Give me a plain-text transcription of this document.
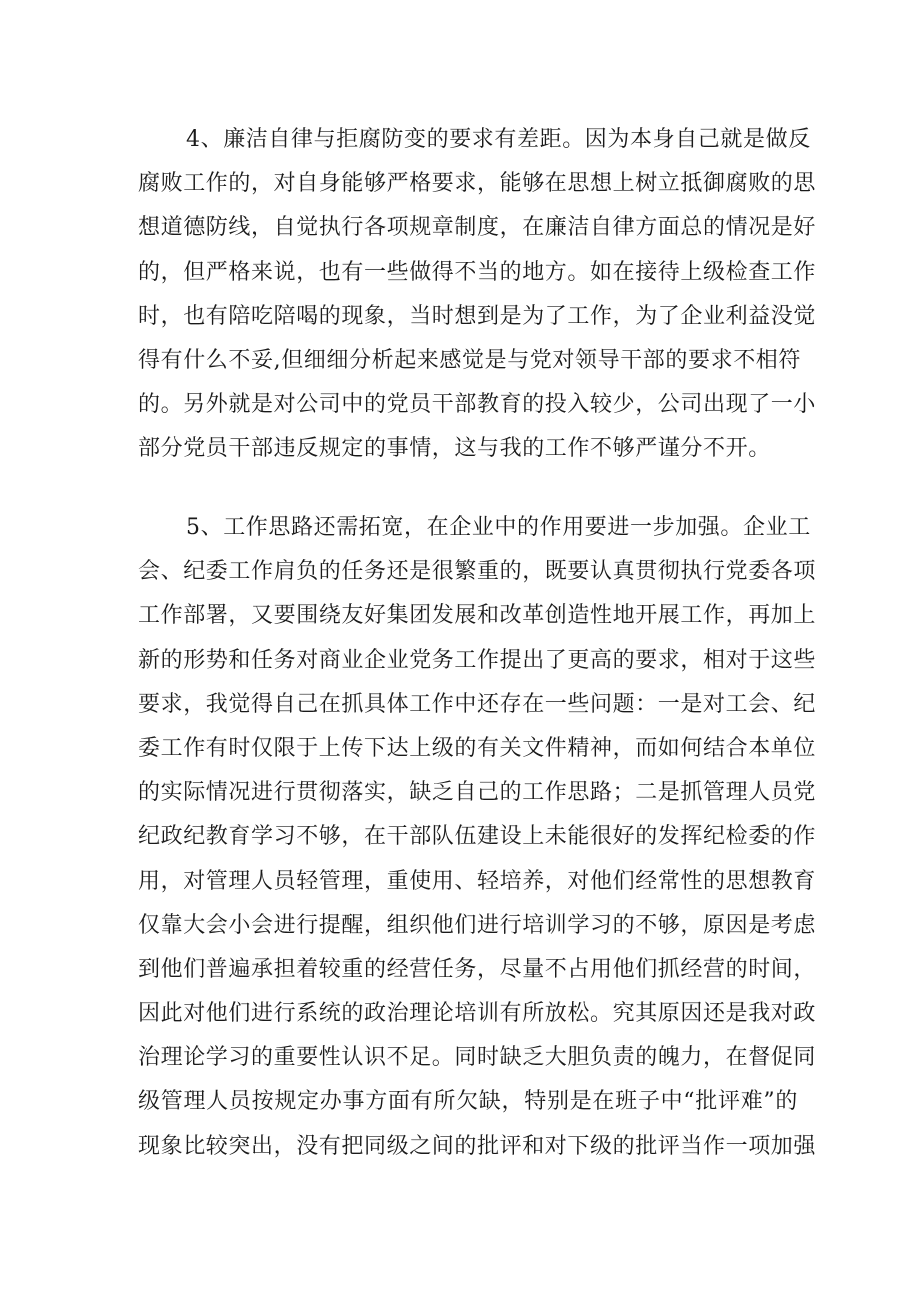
4、廉洁自律与拒腐防变的要求有差距。因为本身自己就是做反
腐败工作的，对自身能够严格要求，能够在思想上树立抵御腐败的思
想道德防线，自觉执行各项规章制度，在廉洁自律方面总的情况是好
的，但严格来说，也有一些做得不当的地方。如在接待上级检查工作
时，也有陪吃陪喝的现象，当时想到是为了工作，为了企业利益没觉
得有什么不妥,但细细分析起来感觉是与党对领导干部的要求不相符
的。另外就是对公司中的党员干部教育的投入较少，公司出现了一小
部分党员干部违反规定的事情，这与我的工作不够严谨分不开。
5、工作思路还需拓宽，在企业中的作用要进一步加强。企业工
会、纪委工作肩负的任务还是很繁重的，既要认真贯彻执行党委各项
工作部署，又要围绕友好集团发展和改革创造性地开展工作，再加上
新的形势和任务对商业企业党务工作提出了更高的要求，相对于这些
要求，我觉得自己在抓具体工作中还存在一些问题：一是对工会、纪
委工作有时仅限于上传下达上级的有关文件精神，而如何结合本单位
的实际情况进行贯彻落实，缺乏自己的工作思路；二是抓管理人员党
纪政纪教育学习不够，在干部队伍建设上未能很好的发挥纪检委的作
用，对管理人员轻管理，重使用、轻培养，对他们经常性的思想教育
仅靠大会小会进行提醒，组织他们进行培训学习的不够，原因是考虑
到他们普遍承担着较重的经营任务，尽量不占用他们抓经营的时间，
因此对他们进行系统的政治理论培训有所放松。究其原因还是我对政
治理论学习的重要性认识不足。同时缺乏大胆负责的魄力，在督促同
级管理人员按规定办事方面有所欠缺，特别是在班子中“批评难”的
现象比较突出，没有把同级之间的批评和对下级的批评当作一项加强
